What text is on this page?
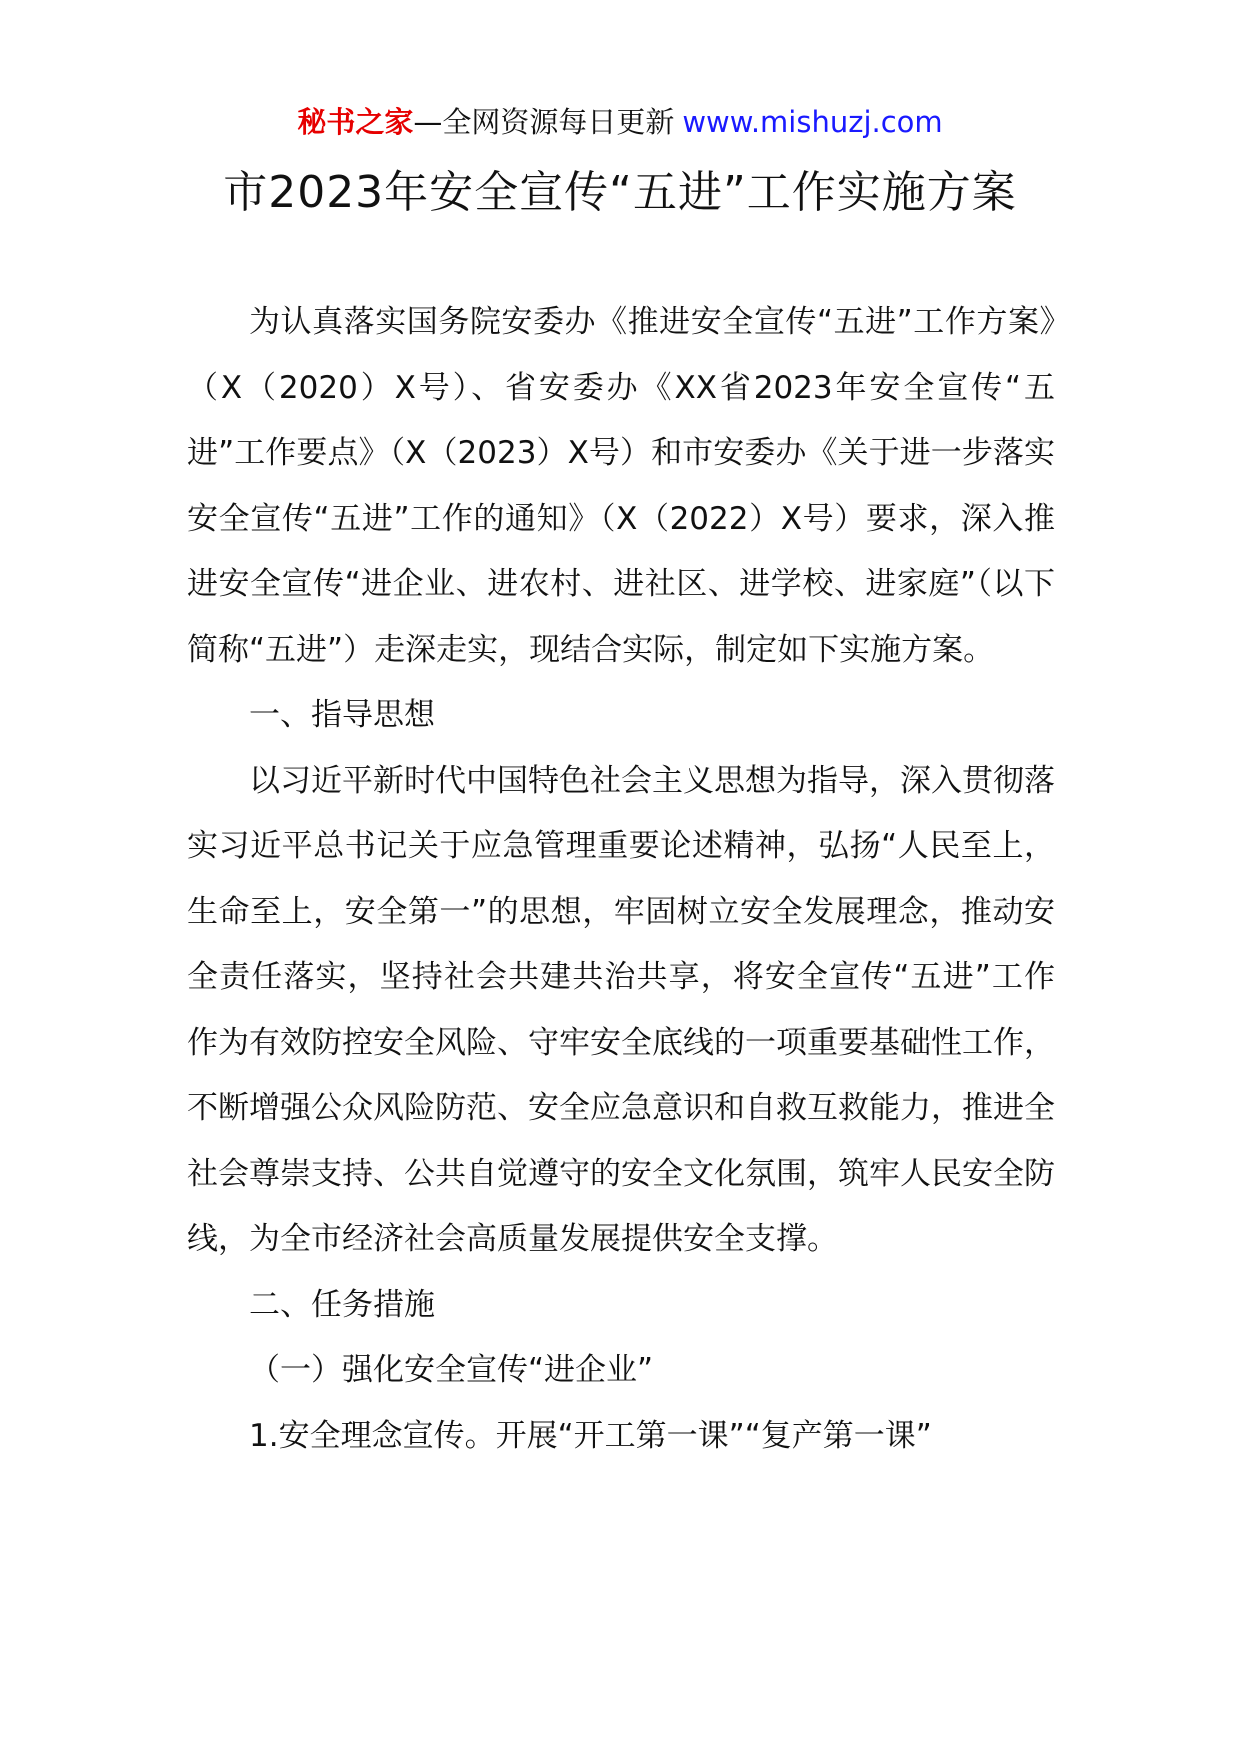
秘书之家—全网资源每日更新 www.mishuzj.com
市2023年安全宣传“五进”工作实施方案

为认真落实国务院安委办《推进安全宣传“五进”工作方案》（X（2020）X号）、省安委办《XX省2023年安全宣传“五进”工作要点》（X（2023）X号）和市安委办《关于进一步落实安全宣传“五进”工作的通知》（X（2022）X号）要求，深入推进安全宣传“进企业、进农村、进社区、进学校、进家庭”（以下简称“五进”）走深走实，现结合实际，制定如下实施方案。

一、指导思想

以习近平新时代中国特色社会主义思想为指导，深入贯彻落实习近平总书记关于应急管理重要论述精神，弘扬“人民至上，生命至上，安全第一”的思想，牢固树立安全发展理念，推动安全责任落实，坚持社会共建共治共享，将安全宣传“五进”工作作为有效防控安全风险、守牢安全底线的一项重要基础性工作，不断增强公众风险防范、安全应急意识和自救互救能力，推进全社会尊崇支持、公共自觉遵守的安全文化氛围，筑牢人民安全防线，为全市经济社会高质量发展提供安全支撑。

二、任务措施

（一）强化安全宣传“进企业”

1.安全理念宣传。开展“开工第一课”“复产第一课”
